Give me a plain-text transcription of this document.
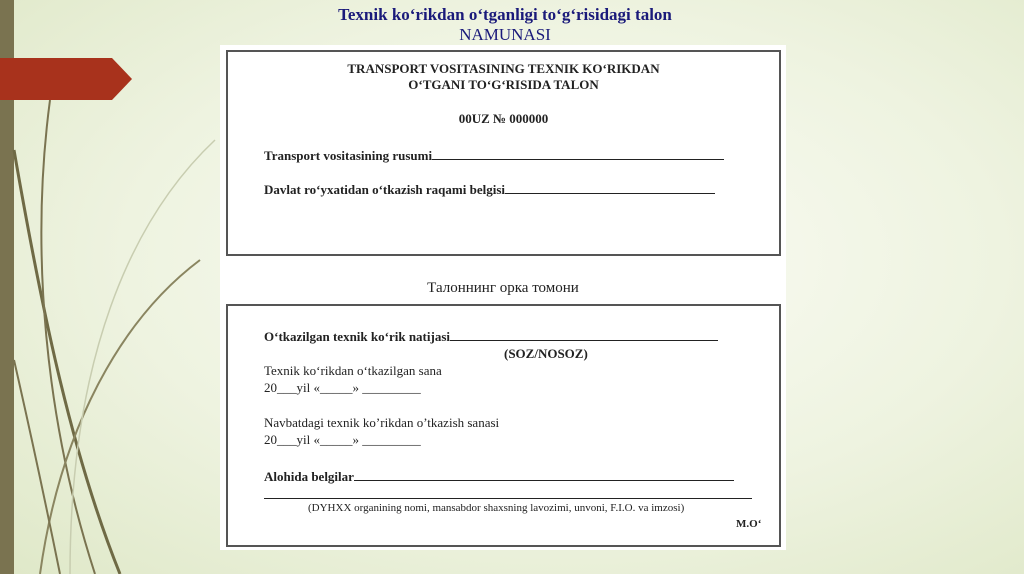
Texnik ko‘rikdan o‘tganligi to‘g‘risidagi talon
NAMUNASI
TRANSPORT VOSITASINING TEXNIK KO‘RIKDAN
O‘TGANI TO‘G‘RISIDA TALON
00UZ № 000000
Transport vositasining rusumi
Davlat ro‘yxatidan o‘tkazish raqami belgisi
Талоннинг орка томони
O‘tkazilgan texnik ko‘rik natijasi
(SOZ/NOSOZ)
Texnik ko‘rikdan o‘tkazilgan sana
20___yil «_____» _________
Navbatdagi texnik ko’rikdan o’tkazish sanasi
20___yil «_____» _________
Alohida belgilar
(DYHXX organining nomi, mansabdor shaxsning lavozimi, unvoni, F.I.O. va imzosi)
M.O‘
